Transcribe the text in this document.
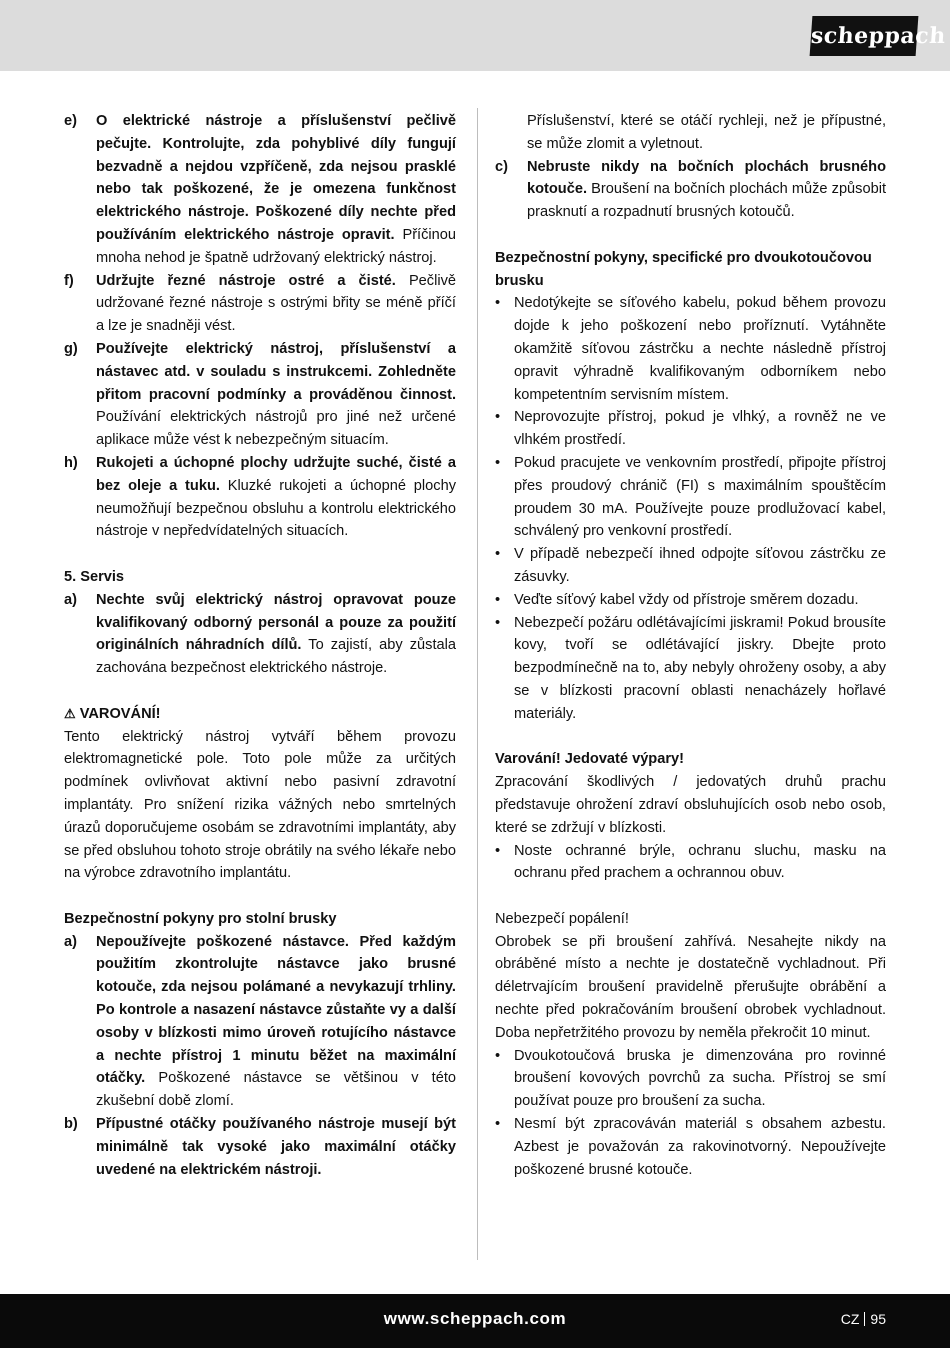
scheppach
e)	O elektrické nástroje a příslušenství pečlivě pečujte. Kontrolujte, zda pohyblivé díly fungují bezvadně a nejdou vzpříčeně, zda nejsou prasklé nebo tak poškozené, že je omezena funkčnost elektrického nástroje. Poškozené díly nechte před používáním elektrického nástroje opravit. Příčinou mnoha nehod je špatně udržovaný elektrický nástroj.
f)	Udržujte řezné nástroje ostré a čisté. Pečlivě udržované řezné nástroje s ostrými břity se méně příčí a lze je snadněji vést.
g)	Používejte elektrický nástroj, příslušenství a nástavec atd. v souladu s instrukcemi. Zohledněte přitom pracovní podmínky a prováděnou činnost. Používání elektrických nástrojů pro jiné než určené aplikace může vést k nebezpečným situacím.
h)	Rukojeti a úchopné plochy udržujte suché, čisté a bez oleje a tuku. Kluzké rukojeti a úchopné plochy neumožňují bezpečnou obsluhu a kontrolu elektrického nástroje v nepředvídatelných situacích.
5. Servis
a)	Nechte svůj elektrický nástroj opravovat pouze kvalifikovaný odborný personál a pouze za použití originálních náhradních dílů. To zajistí, aby zůstala zachována bezpečnost elektrického nástroje.
⚠ VAROVÁNÍ!
Tento elektrický nástroj vytváří během provozu elektromagnetické pole. Toto pole může za určitých podmínek ovlivňovat aktivní nebo pasivní zdravotní implantáty. Pro snížení rizika vážných nebo smrtelných úrazů doporučujeme osobám se zdravotními implantáty, aby se před obsluhou tohoto stroje obrátily na svého lékaře nebo na výrobce zdravotního implantátu.
Bezpečnostní pokyny pro stolní brusky
a)	Nepoužívejte poškozené nástavce. Před každým použitím zkontrolujte nástavce jako brusné kotouče, zda nejsou polámané a nevykazují trhliny. Po kontrole a nasazení nástavce zůstaňte vy a další osoby v blízkosti mimo úroveň rotujícího nástavce a nechte přístroj 1 minutu běžet na maximální otáčky. Poškozené nástavce se většinou v této zkušební době zlomí.
b)	Přípustné otáčky používaného nástroje musejí být minimálně tak vysoké jako maximální otáčky uvedené na elektrickém nástroji.
Příslušenství, které se otáčí rychleji, než je přípustné, se může zlomit a vyletnout.
c)	Nebruste nikdy na bočních plochách brusného kotouče. Broušení na bočních plochách může způsobit prasknutí a rozpadnutí brusných kotoučů.
Bezpečnostní pokyny, specifické pro dvoukotoučovou brusku
• Nedotýkejte se síťového kabelu, pokud během provozu dojde k jeho poškození nebo proříznutí. Vytáhněte okamžitě síťovou zástrčku a nechte následně přístroj opravit výhradně kvalifikovaným odborníkem nebo kompetentním servisním místem.
• Neprovozujte přístroj, pokud je vlhký, a rovněž ne ve vlhkém prostředí.
• Pokud pracujete ve venkovním prostředí, připojte přístroj přes proudový chránič (FI) s maximálním spouštěcím proudem 30 mA. Používejte pouze prodlužovací kabel, schválený pro venkovní prostředí.
• V případě nebezpečí ihned odpojte síťovou zástrčku ze zásuvky.
• Veďte síťový kabel vždy od přístroje směrem dozadu.
• Nebezpečí požáru odlétávajícími jiskrami! Pokud brousíte kovy, tvoří se odlétávající jiskry. Dbejte proto bezpodmínečně na to, aby nebyly ohroženy osoby, a aby se v blízkosti pracovní oblasti nenacházely hořlavé materiály.
Varování! Jedovaté výpary!
Zpracování škodlivých / jedovatých druhů prachu představuje ohrožení zdraví obsluhujících osob nebo osob, které se zdržují v blízkosti.
• Noste ochranné brýle, ochranu sluchu, masku na ochranu před prachem a ochrannou obuv.
Nebezpečí popálení!
Obrobek se při broušení zahřívá. Nesahejte nikdy na obráběné místo a nechte je dostatečně vychladnout. Při déletrvajícím broušení pravidelně přerušujte obrábění a nechte před pokračováním broušení obrobek vychladnout. Doba nepřetržitého provozu by neměla překročit 10 minut.
• Dvoukotoučová bruska je dimenzována pro rovinné broušení kovových povrchů za sucha. Přístroj se smí používat pouze pro broušení za sucha.
• Nesmí být zpracováván materiál s obsahem azbestu. Azbest je považován za rakovinotvorný. Nepoužívejte poškozené brusné kotouče.
www.scheppach.com	CZ 95
